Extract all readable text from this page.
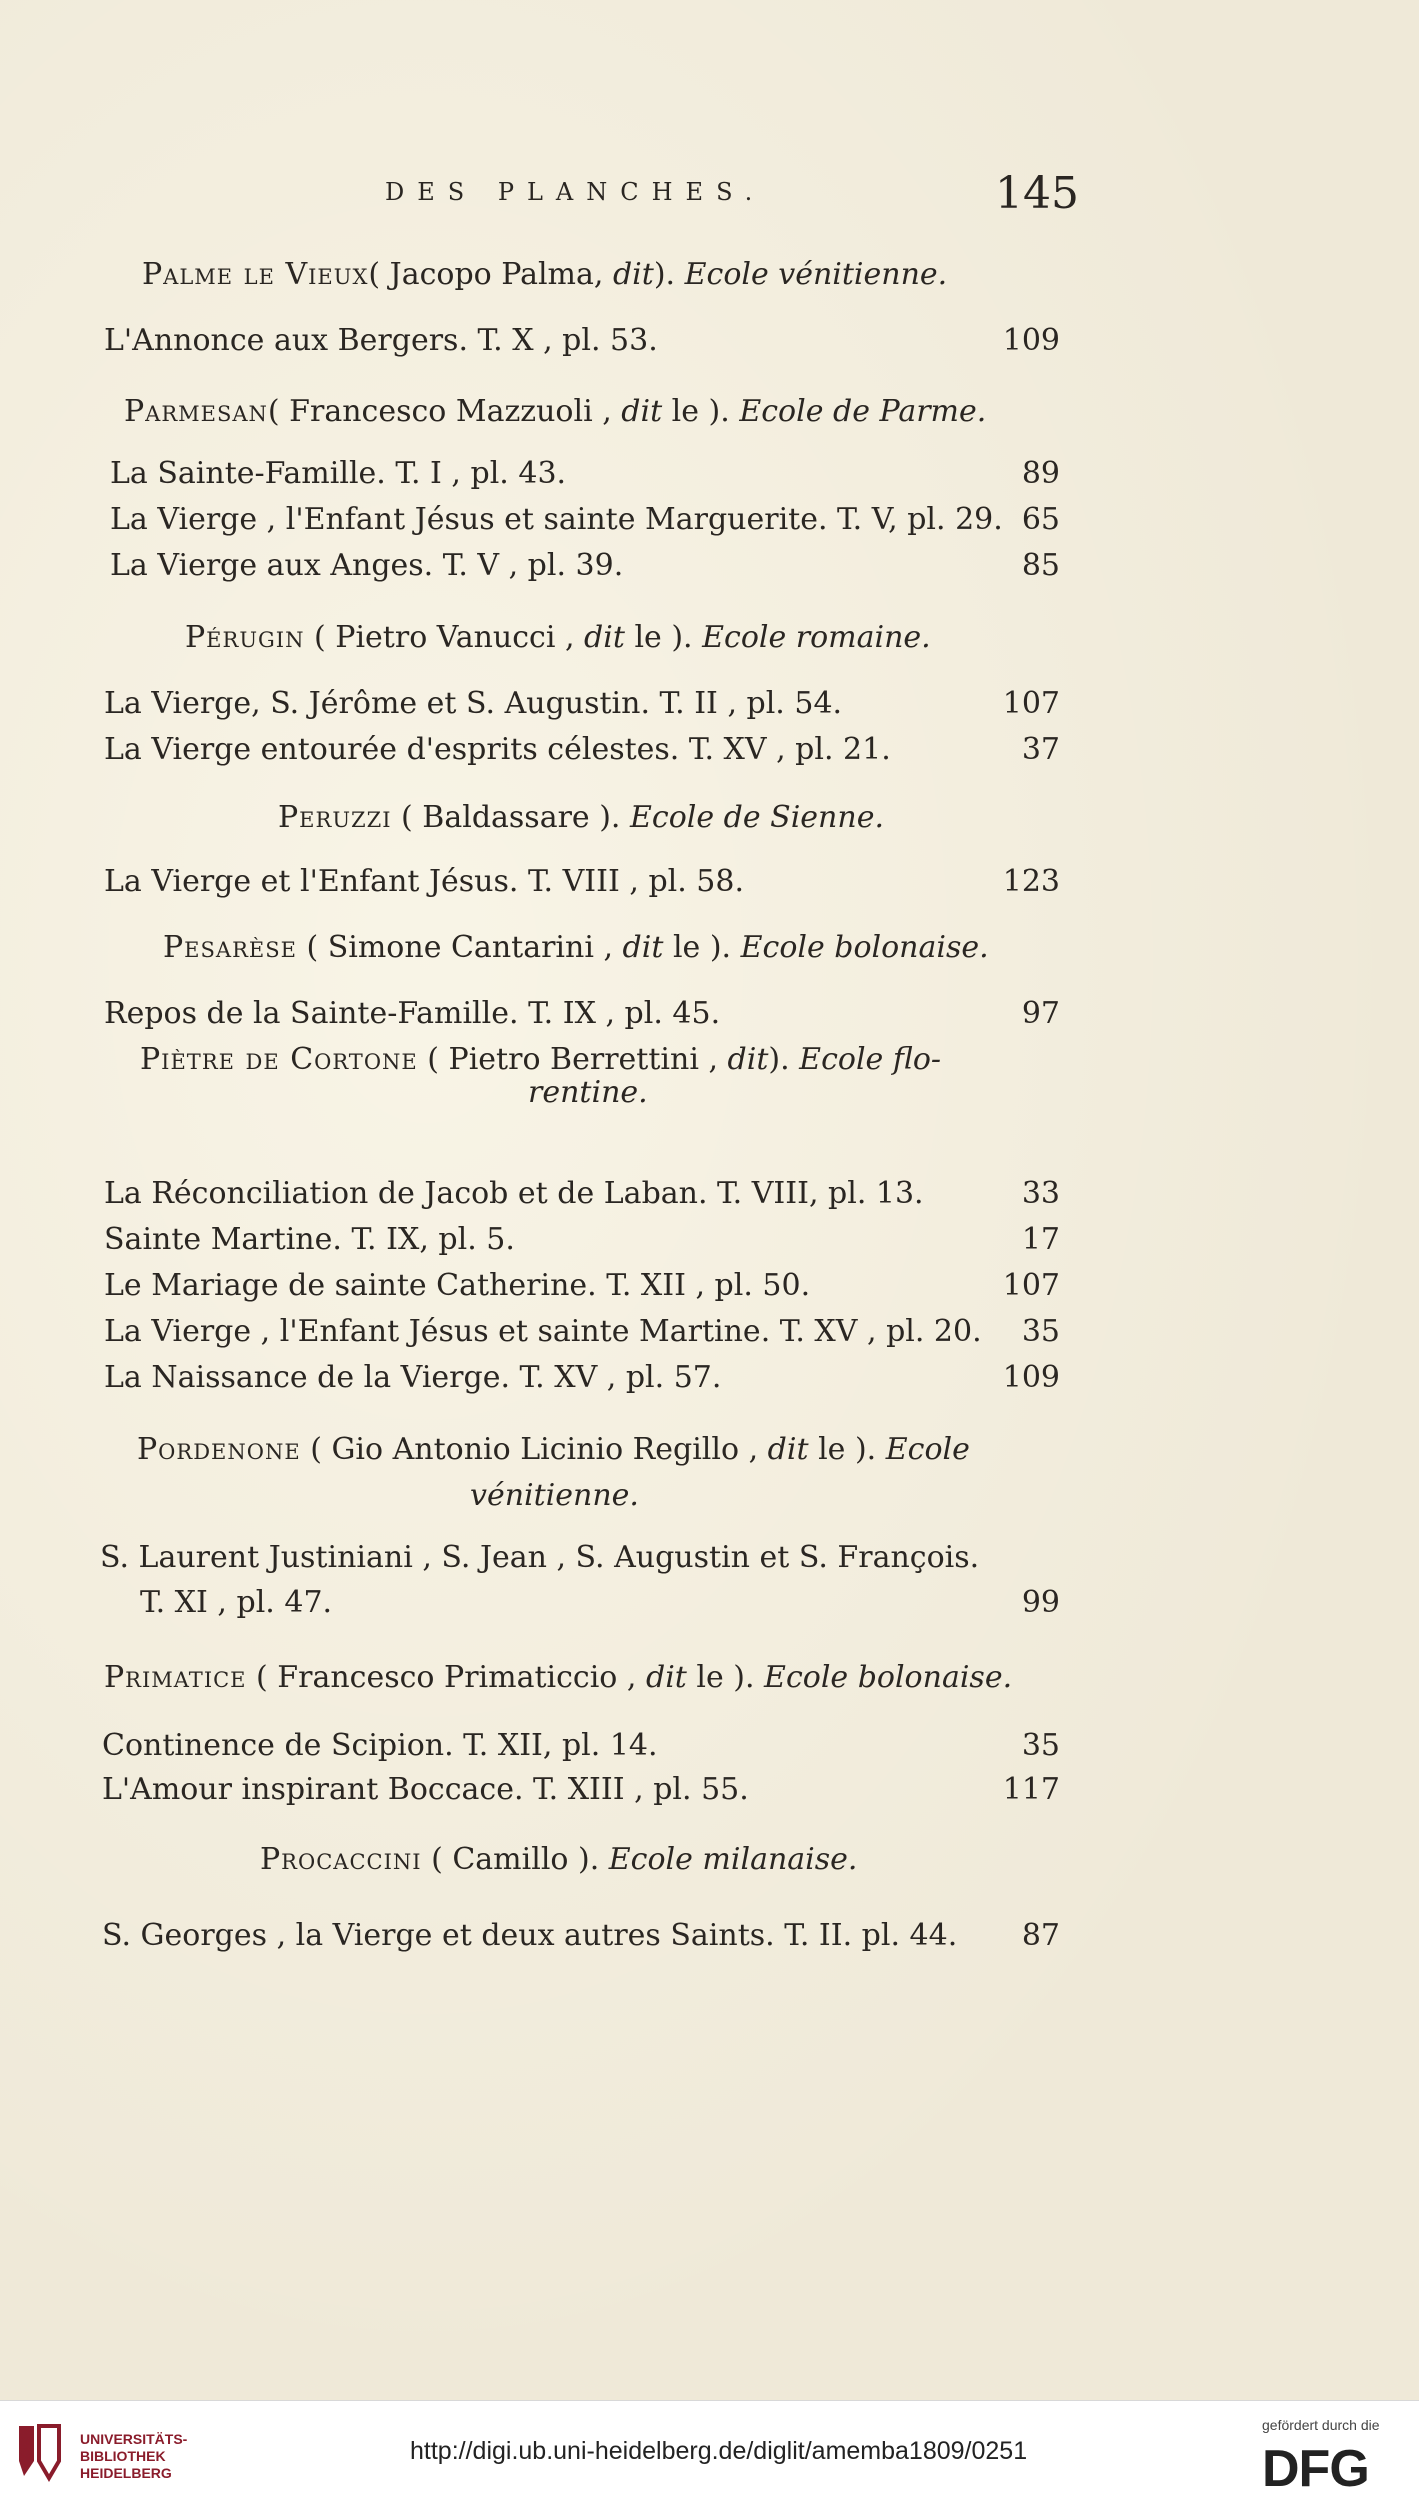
DES PLANCHES.	145
Palme le Vieux( Jacopo Palma, dit). Ecole vénitienne.
L'Annonce aux Bergers. T. X , pl. 53.	109
Parmesan( Francesco Mazzuoli , dit le ). Ecole de Parme.
La Sainte-Famille. T. I , pl. 43.	89
La Vierge , l'Enfant Jésus et sainte Marguerite. T. V, pl. 29. 65
La Vierge aux Anges. T. V , pl. 39.	85
Pérugin ( Pietro Vanucci , dit le ). Ecole romaine.
La Vierge, S. Jérôme et S. Augustin. T. II , pl. 54.	107
La Vierge entourée d'esprits célestes. T. XV , pl. 21.	37
Peruzzi ( Baldassare ). Ecole de Sienne.
La Vierge et l'Enfant Jésus. T. VIII , pl. 58.	123
Pesarèse ( Simone Cantarini , dit le ). Ecole bolonaise.
Repos de la Sainte-Famille. T. IX , pl. 45.	97
Piètre de Cortone ( Pietro Berrettini , dit). Ecole flo-
rentine.
La Réconciliation de Jacob et de Laban. T. VIII, pl. 13.	33
Sainte Martine. T. IX, pl. 5.	17
Le Mariage de sainte Catherine. T. XII , pl. 50.	107
La Vierge , l'Enfant Jésus et sainte Martine. T. XV , pl. 20.	35
La Naissance de la Vierge. T. XV , pl. 57.	109
Pordenone ( Gio Antonio Licinio Regillo , dit le ). Ecole
vénitienne.
S. Laurent Justiniani , S. Jean , S. Augustin et S. François.
T. XI , pl. 47.	99
Primatice ( Francesco Primaticcio , dit le ). Ecole bolonaise.
Continence de Scipion. T. XII, pl. 14.	35
L'Amour inspirant Boccace. T. XIII , pl. 55.	117
Procaccini ( Camillo ). Ecole milanaise.
S. Georges , la Vierge et deux autres Saints. T. II. pl. 44.	87
UNIVERSITÄTS-
BIBLIOTHEK
HEIDELBERG
http://digi.ub.uni-heidelberg.de/diglit/amemba1809/0251
gefördert durch die
DFG
